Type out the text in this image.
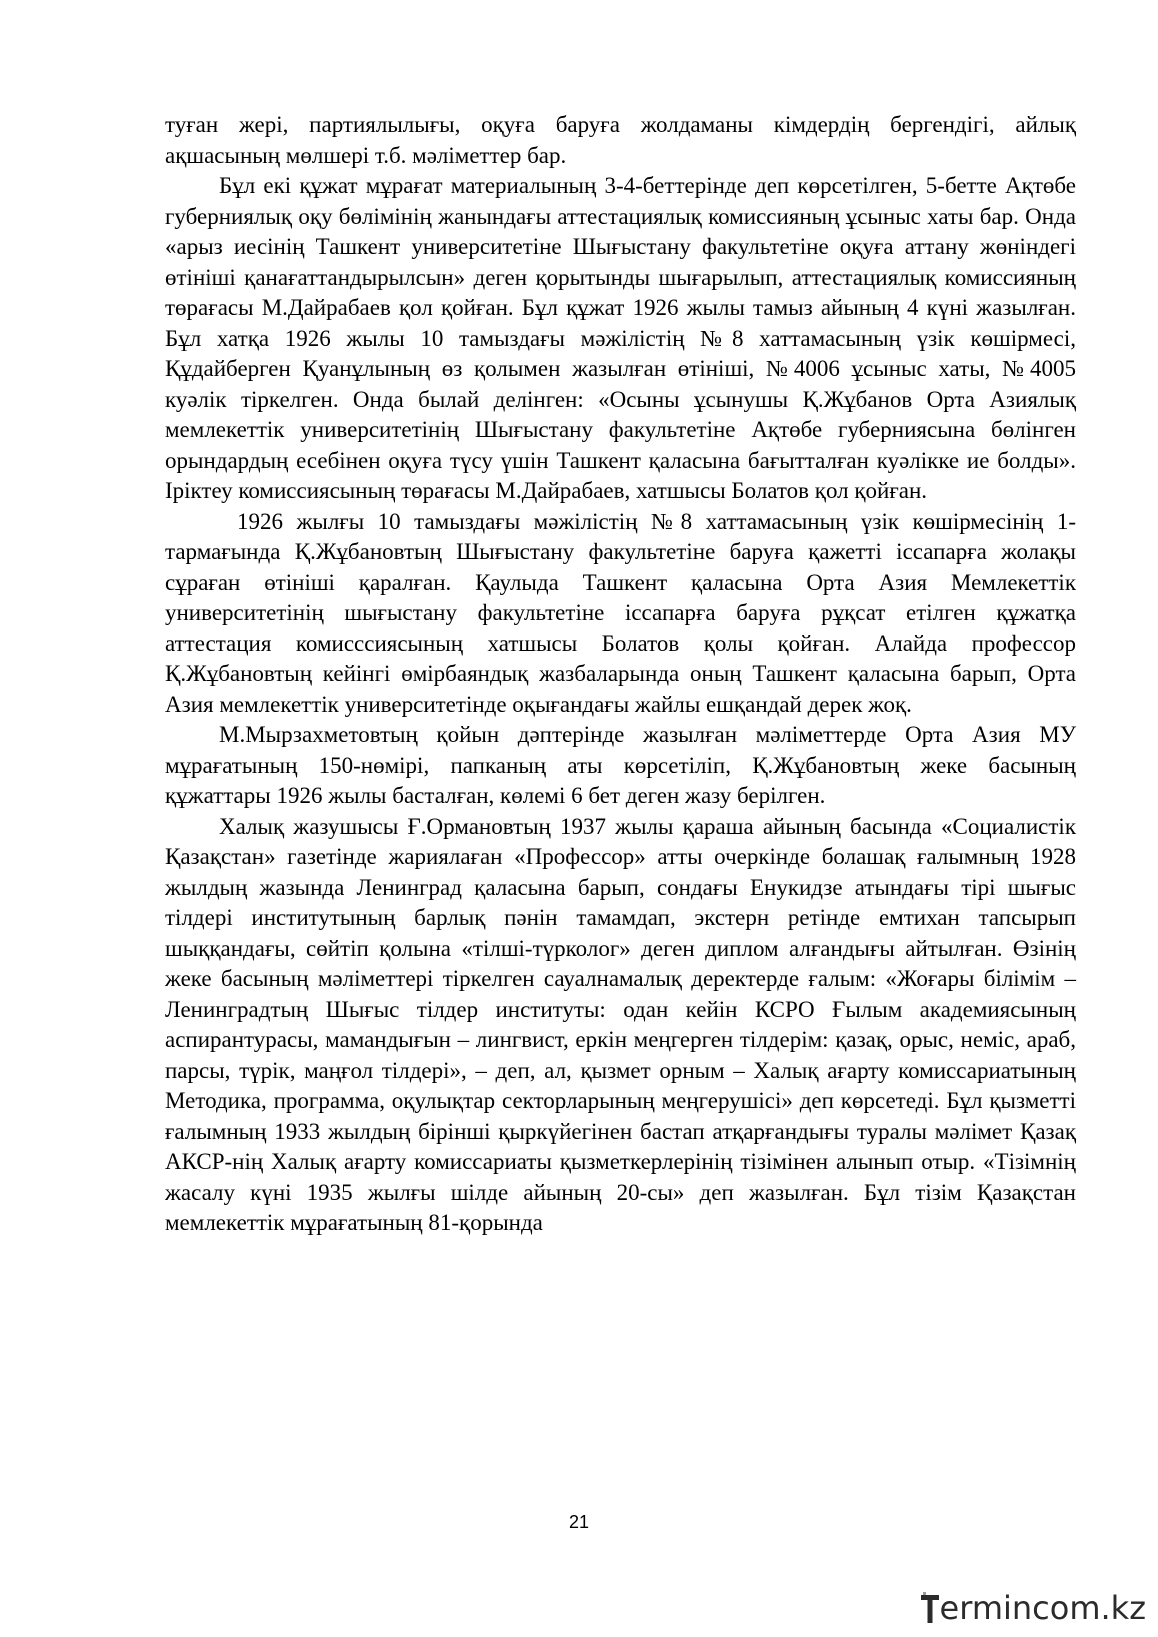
туған жері, партиялылығы, оқуға баруға жолдаманы кімдердің бергендігі, айлық ақшасының мөлшері т.б. мәліметтер бар.

Бұл екі құжат мұрағат материалының 3-4-беттерінде деп көрсетілген, 5-бетте Ақтөбе губерниялық оқу бөлімінің жанындағы аттестациялық комиссияның ұсыныс хаты бар. Онда «арыз иесінің Ташкент университетіне Шығыстану факультетіне оқуға аттану жөніндегі өтініші қанағаттандырылсын» деген қорытынды шығарылып, аттестациялық комиссияның төрағасы М.Дайрабаев қол қойған. Бұл құжат 1926 жылы тамыз айының 4 күні жазылған. Бұл хатқа 1926 жылы 10 тамыздағы мәжілістің №8 хаттамасының үзік көшірмесі, Құдайберген Қуанұлының өз қолымен жазылған өтініші, №4006 ұсыныс хаты, №4005 куәлік тіркелген. Онда былай делінген: «Осыны ұсынушы Қ.Жұбанов Орта Азиялық мемлекеттік университетінің Шығыстану факультетіне Ақтөбе губерниясына бөлінген орындардың есебінен оқуға түсу үшін Ташкент қаласына бағытталған куәлікке ие болды». Іріктеу комиссиясының төрағасы М.Дайрабаев, хатшысы Болатов қол қойған.

1926 жылғы 10 тамыздағы мәжілістің №8 хаттамасының үзік көшірмесінің 1-тармағында Қ.Жұбановтың Шығыстану факультетіне баруға қажетті іссапарға жолақы сұраған өтініші қаралған. Қаулыда Ташкент қаласына Орта Азия Мемлекеттік университетінің шығыстану факультетіне іссапарға баруға рұқсат етілген құжатқа аттестация комисссиясының хатшысы Болатов қолы қойған. Алайда профессор Қ.Жұбановтың кейінгі өмірбаяндық жазбаларында оның Ташкент қаласына барып, Орта Азия мемлекеттік университетінде оқығандағы жайлы ешқандай дерек жоқ.

М.Мырзахметовтың қойын дәптерінде жазылған мәліметтерде Орта Азия МУ мұрағатының 150-нөмірі, папканың аты көрсетіліп, Қ.Жұбановтың жеке басының құжаттары 1926 жылы басталған, көлемі 6 бет деген жазу берілген.

Халық жазушысы Ғ.Ормановтың 1937 жылы қараша айының басында «Социалистік Қазақстан» газетінде жариялаған «Профессор» атты очеркінде болашақ ғалымның 1928 жылдың жазында Ленинград қаласына барып, сондағы Енукидзе атындағы тірі шығыс тілдері институтының барлық пәнін тамамдап, экстерн ретінде емтихан тапсырып шыққандағы, сөйтіп қолына «тілші-түрколог» деген диплом алғандығы айтылған. Өзінің жеке басының мәліметтері тіркелген сауалнамалық деректерде ғалым: «Жоғары білімім – Ленинградтың Шығыс тілдер институты: одан кейін КСРО Ғылым академиясының аспирантурасы, мамандығын – лингвист, еркін меңгерген тілдерім: қазақ, орыс, неміс, араб, парсы, түрік, маңғол тілдері», – деп, ал, қызмет орным – Халық ағарту комиссариатының Методика, программа, оқулықтар секторларының меңгерушісі» деп көрсетеді. Бұл қызметті ғалымның 1933 жылдың бірінші қыркүйегінен бастап атқарғандығы туралы мәлімет Қазақ АКСР-нің Халық ағарту комиссариаты қызметкерлерінің тізімінен алынып отыр. «Тізімнің жасалу күні 1935 жылғы шілде айының 20-сы» деп жазылған. Бұл тізім Қазақстан мемлекеттік мұрағатының 81-қорында

21
ermincom.kz
